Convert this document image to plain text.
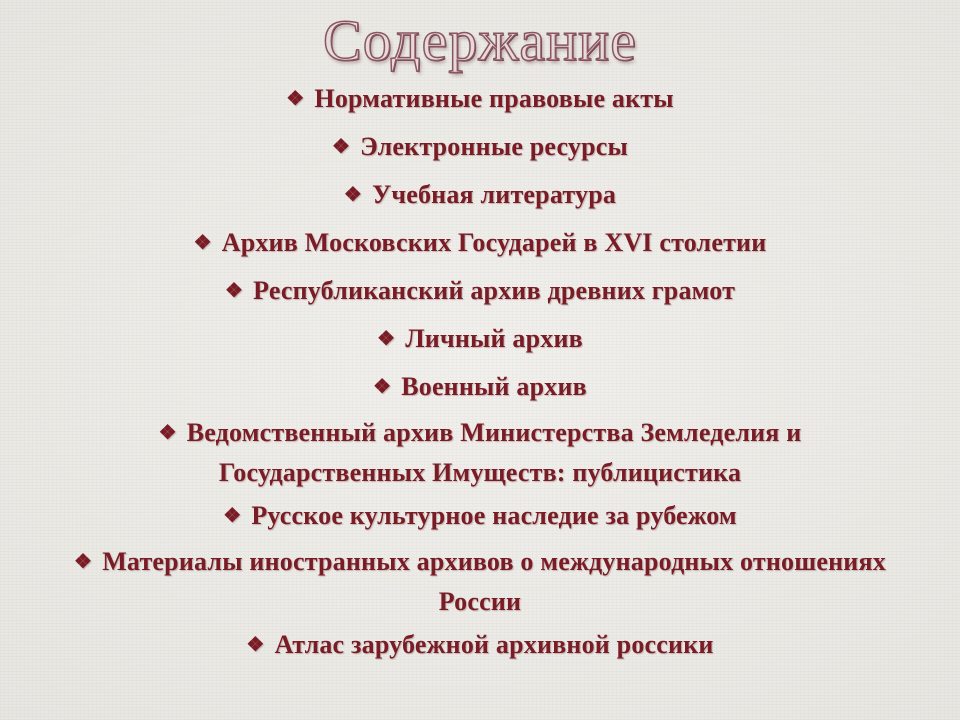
Содержание
❖ Нормативные правовые акты
❖ Электронные ресурсы
❖ Учебная литература
❖ Архив Московских Государей в XVI столетии
❖ Республиканский архив древних грамот
❖ Личный архив
❖ Военный архив
❖ Ведомственный архив Министерства Земледелия и Государственных Имуществ: публицистика
❖ Русское культурное наследие за рубежом
❖ Материалы иностранных архивов о международных отношениях России
❖ Атлас зарубежной архивной россики
